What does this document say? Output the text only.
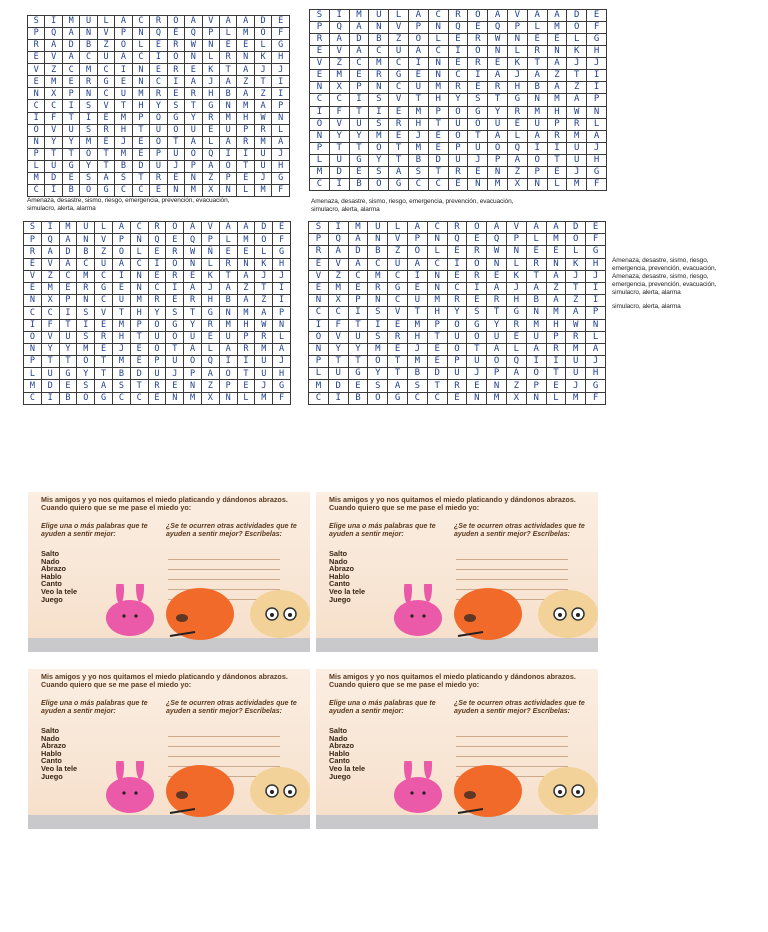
S	I	M	U	L	A	C	R	O	A	V	A	A	D	E
P	Q	A	N	V	P	Ñ	Q	E	Q	P	L	M	O	F
R	A	D	B	Z	O	L	E	R	W	Ñ	E	E	L	G
E	V	A	C	U	A	C	I	O	N	L	R	N	K	H
V	Z	C	M	C	I	N	E	R	E	K	T	A	J	J
E	M	E	R	G	E	N	C	I	A	J	A	Z	T	I
N	X	P	N	C	U	M	R	E	R	H	B	A	Z	I
C	C	I	S	V	T	H	Y	S	T	G	N	M	A	P
I	F	T	I	E	M	P	O	G	Y	R	M	H	W	N
O	V	U	S	R	H	T	U	O	U	E	U	P	R	L
N	Y	Y	M	E	J	E	O	T	A	L	A	R	M	A
P	T	T	O	T	M	E	P	U	O	Q	I	I	U	J
L	U	G	Y	T	B	D	U	J	P	A	O	T	U	H
M	D	E	S	A	S	T	R	E	N	Z	P	E	J	G
C	I	B	O	G	C	C	E	N	M	X	Ñ	L	M	F
Amenaza, desastre, sismo, riesgo, emergencia, prevención, evacuación,
simulacro, alerta, alarma
S	I	M	U	L	A	C	R	O	A	V	A	A	D	E
P	Q	A	N	V	P	Ñ	Q	E	Q	P	L	M	O	F
R	A	D	B	Z	O	L	E	R	W	Ñ	E	E	L	G
E	V	A	C	U	A	C	I	O	N	L	R	N	K	H
V	Z	C	M	C	I	N	E	R	E	K	T	A	J	J
E	M	E	R	G	E	N	C	I	A	J	A	Z	T	I
N	X	P	N	C	U	M	R	E	R	H	B	A	Z	I
C	C	I	S	V	T	H	Y	S	T	G	N	M	A	P
I	F	T	I	E	M	P	O	G	Y	R	M	H	W	N
O	V	U	S	R	H	T	U	O	U	E	U	P	R	L
N	Y	Y	M	E	J	E	O	T	A	L	A	R	M	A
P	T	T	O	T	M	E	P	U	O	Q	I	I	U	J
L	U	G	Y	T	B	D	U	J	P	A	O	T	U	H
M	D	E	S	A	S	T	R	E	N	Z	P	E	J	G
C	I	B	O	G	C	C	E	N	M	X	Ñ	L	M	F
Amenaza, desastre, sismo, riesgo, emergencia, prevención, evacuación,
simulacro, alerta, alarma
S	I	M	U	L	A	C	R	O	A	V	A	A	D	E
P	Q	A	N	V	P	Ñ	Q	E	Q	P	L	M	O	F
R	A	D	B	Z	O	L	E	R	W	Ñ	E	E	L	G
E	V	A	C	U	A	C	I	O	N	L	R	N	K	H
V	Z	C	M	C	I	N	E	R	E	K	T	A	J	J
E	M	E	R	G	E	N	C	I	A	J	A	Z	T	I
N	X	P	N	C	U	M	R	E	R	H	B	A	Z	I
C	C	I	S	V	T	H	Y	S	T	G	N	M	A	P
I	F	T	I	E	M	P	O	G	Y	R	M	H	W	N
O	V	U	S	R	H	T	U	O	U	E	U	P	R	L
N	Y	Y	M	E	J	E	O	T	A	L	A	R	M	A
P	T	T	O	T	M	E	P	U	O	Q	I	I	U	J
L	U	G	Y	T	B	D	U	J	P	A	O	T	U	H
M	D	E	S	A	S	T	R	E	N	Z	P	E	J	G
C	I	B	O	G	C	C	E	N	M	X	Ñ	L	M	F
S	I	M	U	L	A	C	R	O	A	V	A	A	D	E
P	Q	A	N	V	P	Ñ	Q	E	Q	P	L	M	O	F
R	A	D	B	Z	O	L	E	R	W	Ñ	E	E	L	G
E	V	A	C	U	A	C	I	O	N	L	R	N	K	H
V	Z	C	M	C	I	N	E	R	E	K	T	A	J	J
E	M	E	R	G	E	N	C	I	A	J	A	Z	T	I
N	X	P	N	C	U	M	R	E	R	H	B	A	Z	I
C	C	I	S	V	T	H	Y	S	T	G	N	M	A	P
I	F	T	I	E	M	P	O	G	Y	R	M	H	W	N
O	V	U	S	R	H	T	U	O	U	E	U	P	R	L
N	Y	Y	M	E	J	E	O	T	A	L	A	R	M	A
P	T	T	O	T	M	E	P	U	O	Q	I	I	U	J
L	U	G	Y	T	B	D	U	J	P	A	O	T	U	H
M	D	E	S	A	S	T	R	E	N	Z	P	E	J	G
C	I	B	O	G	C	C	E	N	M	X	Ñ	L	M	F
Amenaza, desastre, sismo, riesgo,
emergencia, prevención, evacuación,
Amenaza, desastre, sismo, riesgo,
emergencia, prevención, evacuación,
simulacro, alerta, alarma
simulacro, alerta, alarma
Mis amigos y yo nos quitamos el miedo platicando y dándonos abrazos. Cuando quiero que se me pase el miedo yo:
Elige una o más palabras que te ayuden a sentir mejor:
¿Se te ocurren otras actividades que te ayuden a sentir mejor? Escríbelas:
Salto
Nado
Abrazo
Hablo
Canto
Veo la tele
Juego
Mis amigos y yo nos quitamos el miedo platicando y dándonos abrazos. Cuando quiero que se me pase el miedo yo:
Elige una o más palabras que te ayuden a sentir mejor:
¿Se te ocurren otras actividades que te ayuden a sentir mejor? Escríbelas:
Salto
Nado
Abrazo
Hablo
Canto
Veo la tele
Juego
Mis amigos y yo nos quitamos el miedo platicando y dándonos abrazos. Cuando quiero que se me pase el miedo yo:
Elige una o más palabras que te ayuden a sentir mejor:
¿Se te ocurren otras actividades que te ayuden a sentir mejor? Escríbelas:
Salto
Nado
Abrazo
Hablo
Canto
Veo la tele
Juego
Mis amigos y yo nos quitamos el miedo platicando y dándonos abrazos. Cuando quiero que se me pase el miedo yo:
Elige una o más palabras que te ayuden a sentir mejor:
¿Se te ocurren otras actividades que te ayuden a sentir mejor? Escríbelas:
Salto
Nado
Abrazo
Hablo
Canto
Veo la tele
Juego
